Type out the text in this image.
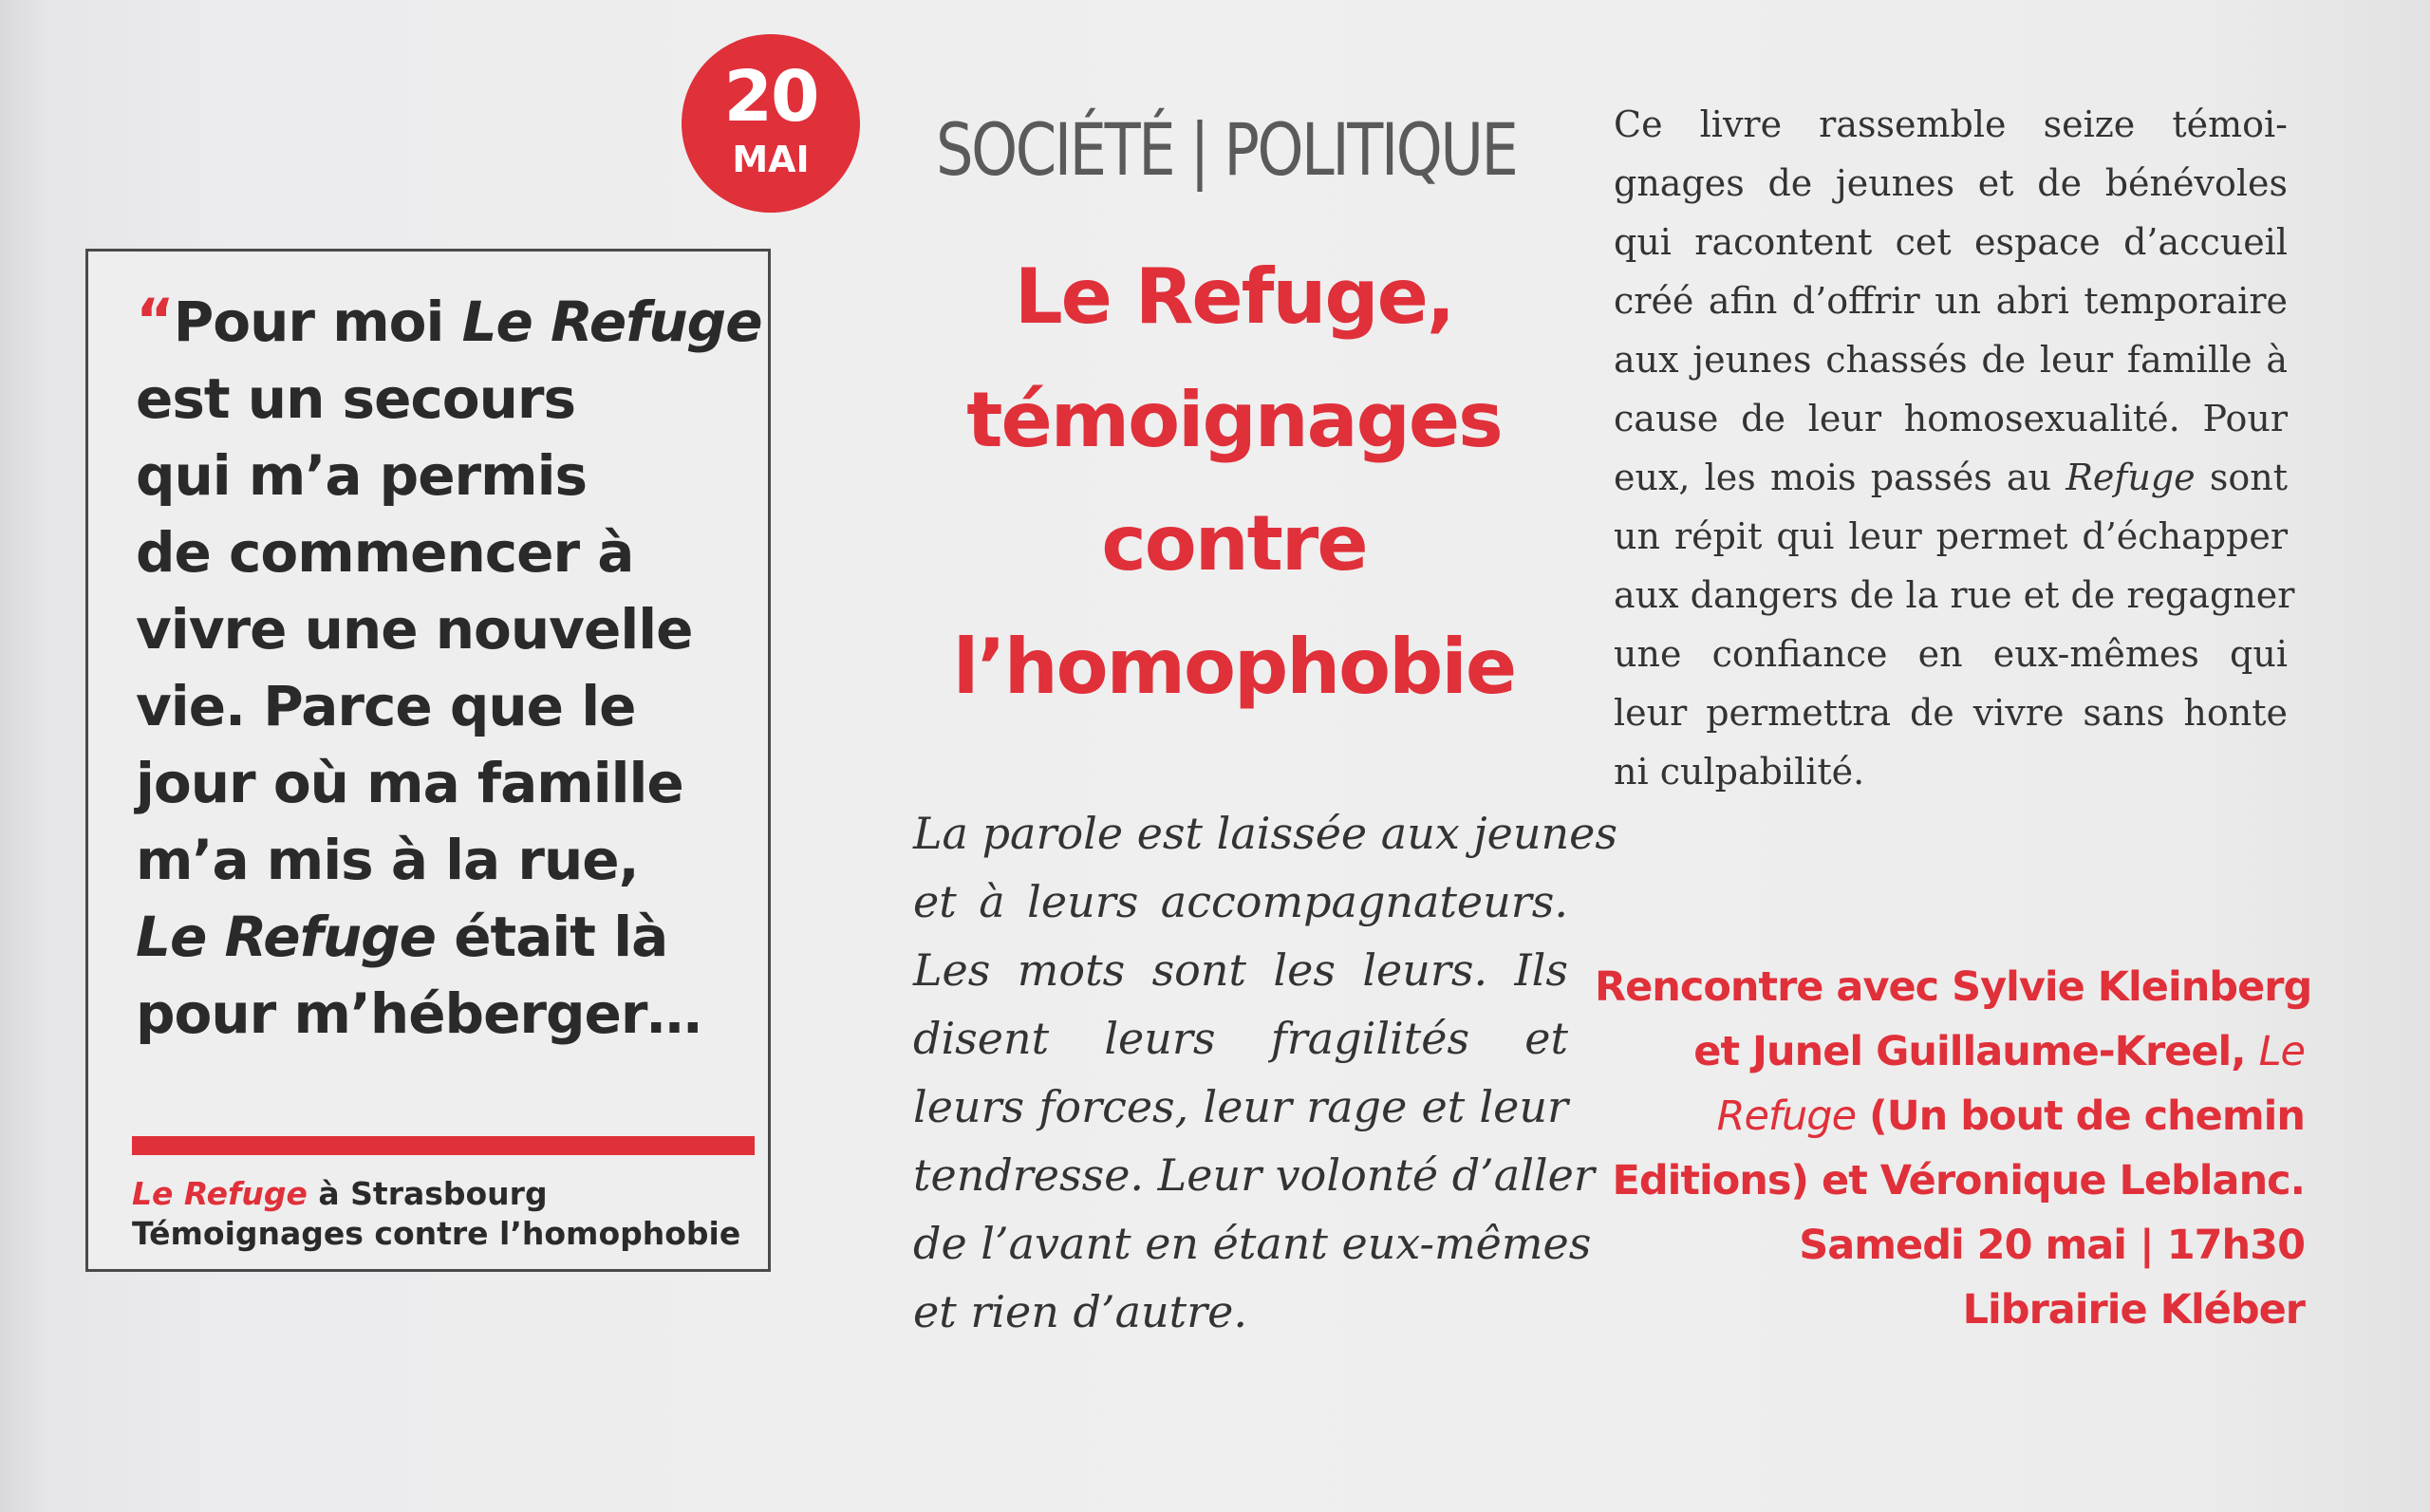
20
MAI
“Pour moi Le Refuge
est un secours
qui m’a permis
de commencer à
vivre une nouvelle
vie. Parce que le
jour où ma famille
m’a mis à la rue,
Le Refuge était là
pour m’héberger…
Le Refuge à Strasbourg
Témoignages contre l’homophobie
SOCIÉTÉ | POLITIQUE
Le Refuge,
témoignages
contre
l’homophobie
La parole est laissée aux jeunes
et à leurs accompagnateurs.
Les mots sont les leurs. Ils
disent leurs fragilités et
leurs forces, leur rage et leur
tendresse. Leur volonté d’aller
de l’avant en étant eux-mêmes
et rien d’autre.
Ce livre rassemble seize témoi-
gnages de jeunes et de bénévoles
qui racontent cet espace d’accueil
créé afin d’offrir un abri temporaire
aux jeunes chassés de leur famille à
cause de leur homosexualité. Pour
eux, les mois passés au Refuge sont
un répit qui leur permet d’échapper
aux dangers de la rue et de regagner
une confiance en eux-mêmes qui
leur permettra de vivre sans honte
ni culpabilité.
Rencontre avec Sylvie Kleinberg
et Junel Guillaume-Kreel, Le
Refuge (Un bout de chemin
Editions) et Véronique Leblanc.
Samedi 20 mai | 17h30
Librairie Kléber
